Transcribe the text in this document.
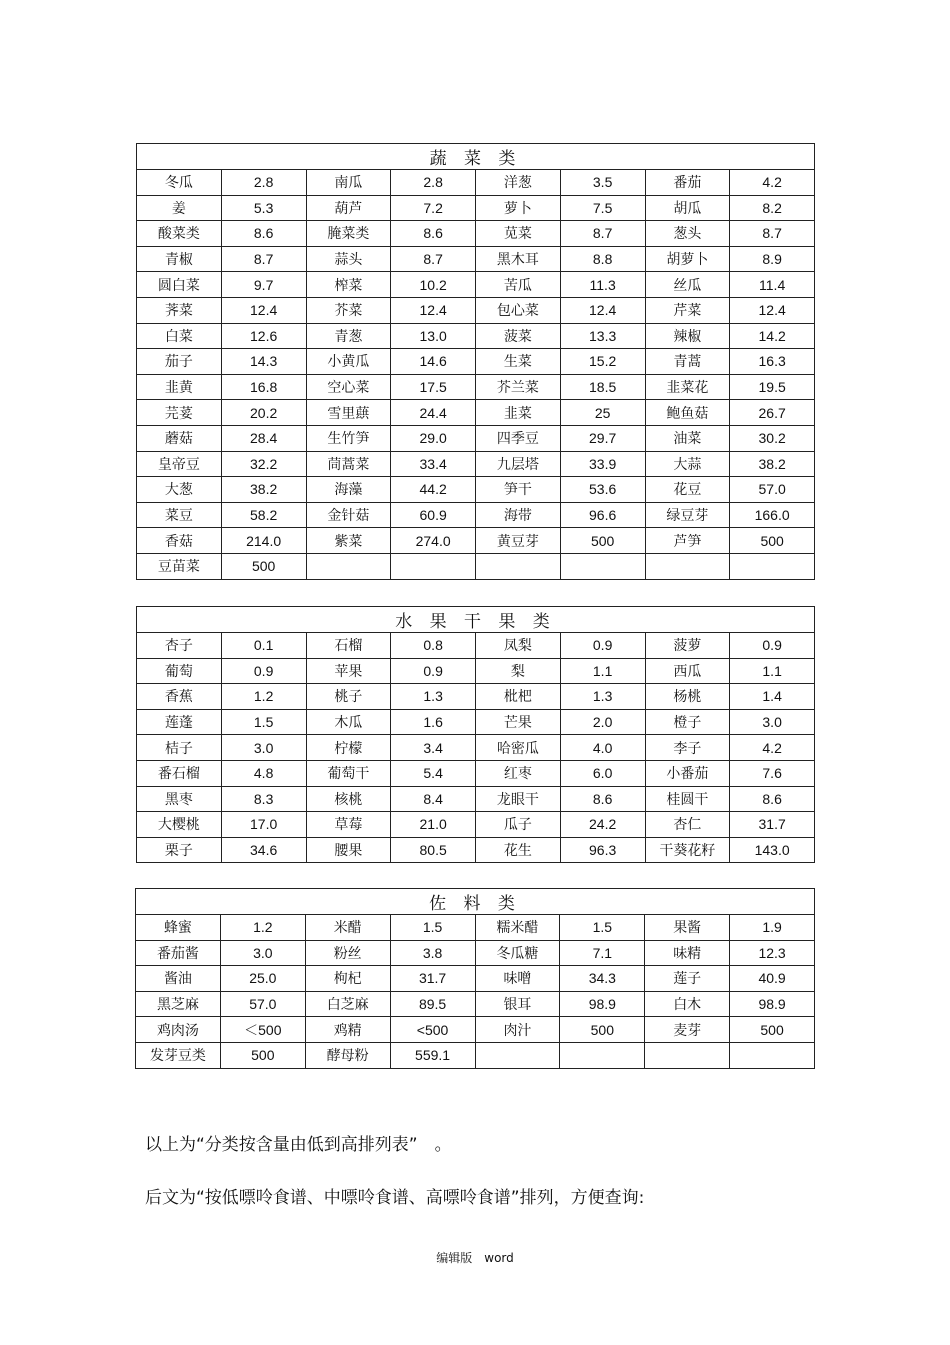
蔬 菜 类							
冬瓜	2.8	南瓜	2.8	洋葱	3.5	番茄	4.2
姜	5.3	葫芦	7.2	萝卜	7.5	胡瓜	8.2
酸菜类	8.6	腌菜类	8.6	苋菜	8.7	葱头	8.7
青椒	8.7	蒜头	8.7	黑木耳	8.8	胡萝卜	8.9
圆白菜	9.7	榨菜	10.2	苦瓜	11.3	丝瓜	11.4
荠菜	12.4	芥菜	12.4	包心菜	12.4	芹菜	12.4
白菜	12.6	青葱	13.0	菠菜	13.3	辣椒	14.2
茄子	14.3	小黄瓜	14.6	生菜	15.2	青蒿	16.3
韭黄	16.8	空心菜	17.5	芥兰菜	18.5	韭菜花	19.5
芫荽	20.2	雪里蕻	24.4	韭菜	25	鲍鱼菇	26.7
蘑菇	28.4	生竹笋	29.0	四季豆	29.7	油菜	30.2
皇帝豆	32.2	茼蒿菜	33.4	九层塔	33.9	大蒜	38.2
大葱	38.2	海藻	44.2	笋干	53.6	花豆	57.0
菜豆	58.2	金针菇	60.9	海带	96.6	绿豆芽	166.0
香菇	214.0	紫菜	274.0	黄豆芽	500	芦笋	500
豆苗菜	500						
水 果 干 果 类							
杏子	0.1	石榴	0.8	凤梨	0.9	菠萝	0.9
葡萄	0.9	苹果	0.9	梨	1.1	西瓜	1.1
香蕉	1.2	桃子	1.3	枇杷	1.3	杨桃	1.4
莲蓬	1.5	木瓜	1.6	芒果	2.0	橙子	3.0
桔子	3.0	柠檬	3.4	哈密瓜	4.0	李子	4.2
番石榴	4.8	葡萄干	5.4	红枣	6.0	小番茄	7.6
黑枣	8.3	核桃	8.4	龙眼干	8.6	桂圆干	8.6
大樱桃	17.0	草莓	21.0	瓜子	24.2	杏仁	31.7
栗子	34.6	腰果	80.5	花生	96.3	干葵花籽	143.0
佐 料 类							
蜂蜜	1.2	米醋	1.5	糯米醋	1.5	果酱	1.9
番茄酱	3.0	粉丝	3.8	冬瓜糖	7.1	味精	12.3
酱油	25.0	枸杞	31.7	味噌	34.3	莲子	40.9
黑芝麻	57.0	白芝麻	89.5	银耳	98.9	白木	98.9
鸡肉汤	＜500	鸡精	<500	肉汁	500	麦芽	500
发芽豆类	500	酵母粉	559.1				

以上为“分类按含量由低到高排列表”　。

后文为“按低嘌呤食谱、中嘌呤食谱、高嘌呤食谱”排列，方便查询:

编辑版　word
